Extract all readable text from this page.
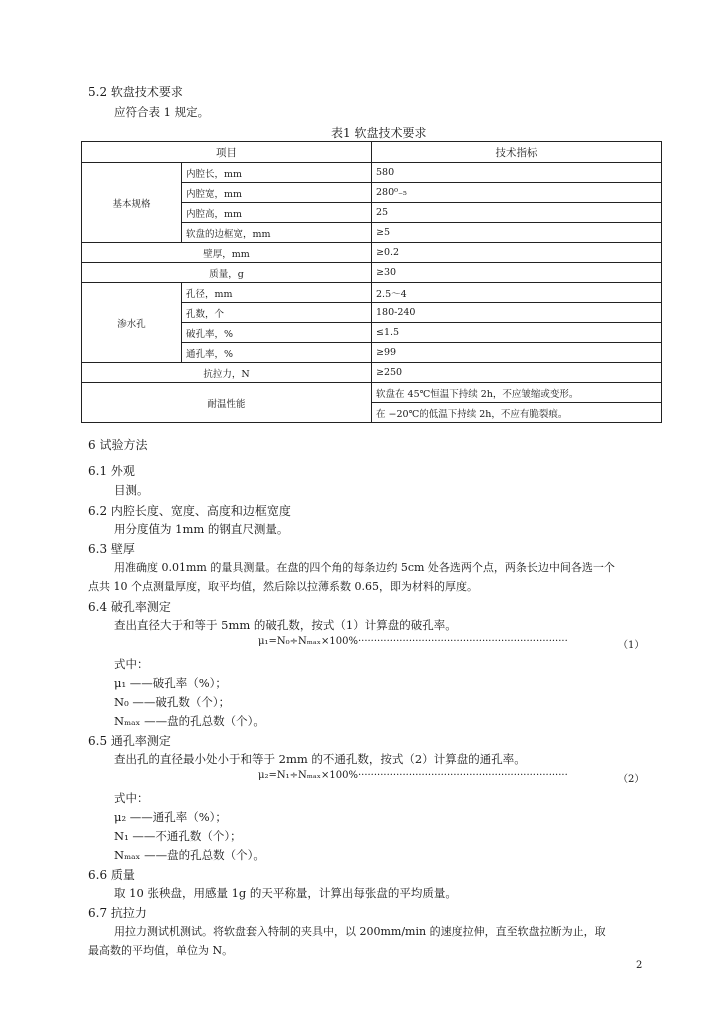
5.2 软盘技术要求
应符合表 1 规定。
表1 软盘技术要求
项目		技术指标
基本规格	内腔长，mm	580
	内腔宽，mm	280⁰₋₅
	内腔高，mm	25
	软盘的边框宽，mm	≥5
壁厚，mm		≥0.2
质量，g		≥30
渗水孔	孔径，mm	2.5～4
	孔数，个	180-240
	破孔率，%	≤1.5
	通孔率，%	≥99
抗拉力，N		≥250
耐温性能		软盘在 45℃恒温下持续 2h，不应皱缩或变形。
		在 −20℃的低温下持续 2h，不应有脆裂痕。
6 试验方法
6.1 外观
目测。
6.2 内腔长度、宽度、高度和边框宽度
用分度值为 1mm 的钢直尺测量。
6.3 壁厚
用准确度 0.01mm 的量具测量。在盘的四个角的每条边约 5cm 处各选两个点，两条长边中间各选一个
点共 10 个点测量厚度，取平均值，然后除以拉薄系数 0.65，即为材料的厚度。
6.4 破孔率测定
查出直径大于和等于 5mm 的破孔数，按式（1）计算盘的破孔率。
μ₁=N₀÷Nₘₐₓ×100%··································································	（1）
式中：
μ₁ ——破孔率（%）；
N₀ ——破孔数（个）；
Nₘₐₓ ——盘的孔总数（个）。
6.5 通孔率测定
查出孔的直径最小处小于和等于 2mm 的不通孔数，按式（2）计算盘的通孔率。
μ₂=N₁÷Nₘₐₓ×100%··································································	（2）
式中：
μ₂ ——通孔率（%）；
N₁ ——不通孔数（个）；
Nₘₐₓ ——盘的孔总数（个）。
6.6 质量
取 10 张秧盘，用感量 1g 的天平称量，计算出每张盘的平均质量。
6.7 抗拉力
用拉力测试机测试。将软盘套入特制的夹具中，以 200mm/min 的速度拉伸，直至软盘拉断为止，取
最高数的平均值，单位为 N。
2
